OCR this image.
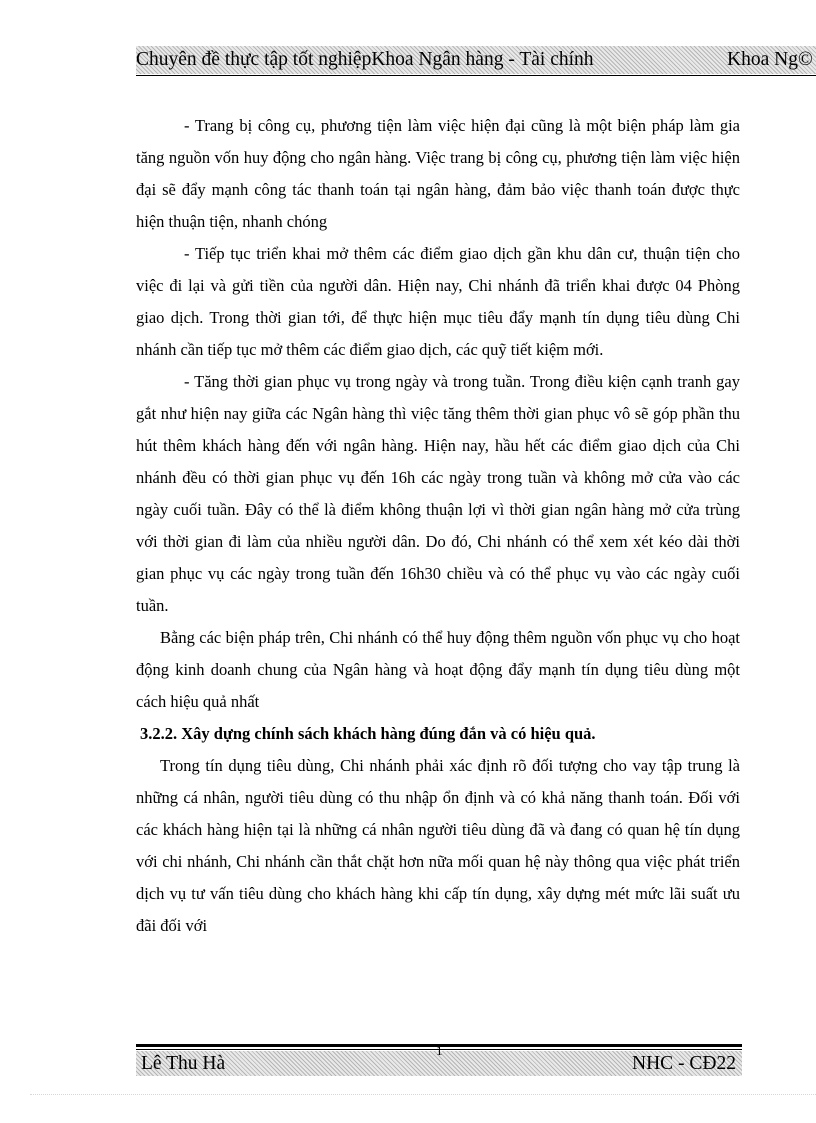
Chuyên đề thực tập tốt nghiệpKhoa Ngân hàng - Tài chính	Khoa Ng©

- Trang bị công cụ, phương tiện làm việc hiện đại cũng là một biện pháp làm gia tăng nguồn vốn huy động cho ngân hàng. Việc trang bị công cụ, phương tiện làm việc hiện đại sẽ đẩy mạnh công tác thanh toán tại ngân hàng, đảm bảo việc thanh toán được thực hiện thuận tiện, nhanh chóng

- Tiếp tục triển khai mở thêm các điểm giao dịch gần khu dân cư, thuận tiện cho việc đi lại và gửi tiền của người dân. Hiện nay, Chi nhánh đã triển khai được 04 Phòng giao dịch. Trong thời gian tới, để thực hiện mục tiêu đẩy mạnh tín dụng tiêu dùng Chi nhánh cần tiếp tục mở thêm các điểm giao dịch, các quỹ tiết kiệm mới.

- Tăng thời gian phục vụ trong ngày và trong tuần. Trong điều kiện cạnh tranh gay gắt như hiện nay giữa các Ngân hàng thì việc tăng thêm thời gian phục vô sẽ góp phần thu hút thêm khách hàng đến với ngân hàng. Hiện nay, hầu hết các điểm giao dịch của Chi nhánh đều có thời gian phục vụ đến 16h các ngày trong tuần và không mở cửa vào các ngày cuối tuần. Đây có thể là điểm không thuận lợi vì thời gian ngân hàng mở cửa trùng với thời gian đi làm của nhiều người dân. Do đó, Chi nhánh có thể xem xét kéo dài thời gian phục vụ các ngày trong tuần đến 16h30 chiều và có thể phục vụ vào các ngày cuối tuần.

Bằng các biện pháp trên, Chi nhánh có thể huy động thêm nguồn vốn phục vụ cho hoạt động kinh doanh chung của Ngân hàng và hoạt động đẩy mạnh tín dụng tiêu dùng một cách hiệu quả nhất

3.2.2. Xây dựng chính sách khách hàng đúng đắn và có hiệu quả.

Trong tín dụng tiêu dùng, Chi nhánh phải xác định rõ đối tượng cho vay tập trung là những cá nhân, người tiêu dùng có thu nhập ổn định và có khả năng thanh toán. Đối với các khách hàng hiện tại là những cá nhân người tiêu dùng đã và đang có quan hệ tín dụng với chi nhánh, Chi nhánh cần thắt chặt hơn nữa mối quan hệ này thông qua việc phát triển dịch vụ tư vấn tiêu dùng cho khách hàng khi cấp tín dụng, xây dựng mét mức lãi suất ưu đãi đối với

Lê Thu Hà	NHC - CĐ22
1
